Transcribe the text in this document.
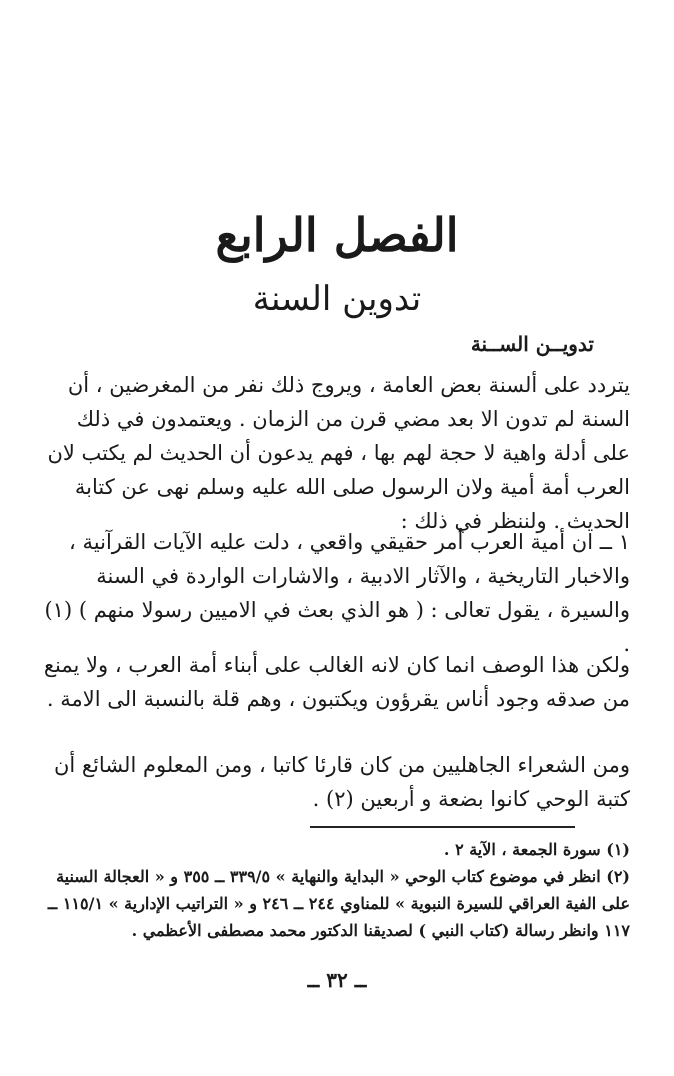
الفصل الرابع
تدوين السنة
تدويــن الســنة

يتردد على ألسنة بعض العامة ، ويروج ذلك نفر من المغرضين ، أن السنة لم تدون الا بعد مضي قرن من الزمان . ويعتمدون في ذلك على أدلة واهية لا حجة لهم بها ، فهم يدعون أن الحديث لم يكتب لان العرب أمة أمية ولان الرسول صلى الله عليه وسلم نهى عن كتابة الحديث . ولننظر في ذلك :

١ ــ ان أمية العرب أمر حقيقي واقعي ، دلت عليه الآيات القرآنية ، والاخبار التاريخية ، والآثار الادبية ، والاشارات الواردة في السنة والسيرة ، يقول تعالى : ( هو الذي بعث في الاميين رسولا منهم ) (١) .

ولكن هذا الوصف انما كان لانه الغالب على أبناء أمة العرب ، ولا يمنع من صدقه وجود أناس يقرؤون ويكتبون ، وهم قلة بالنسبة الى الامة .

ومن الشعراء الجاهليين من كان قارئا كاتبا ، ومن المعلوم الشائع أن كتبة الوحي كانوا بضعة و أربعين (٢) .

(١) سورة الجمعة ، الآية ٢ .

(٢) انظر في موضوع كتاب الوحي « البداية والنهاية » ٣٣٩/٥ ــ ٣٥٥ و « العجالة السنية على الفية العراقي للسيرة النبوية » للمناوي ٢٤٤ ــ ٢٤٦ و « التراتيب الإدارية » ١١٥/١ ــ ١١٧ وانظر رسالة (كتاب النبي ) لصديقنا الدكتور محمد مصطفى الأعظمي .

ــ ٣٢ ــ
